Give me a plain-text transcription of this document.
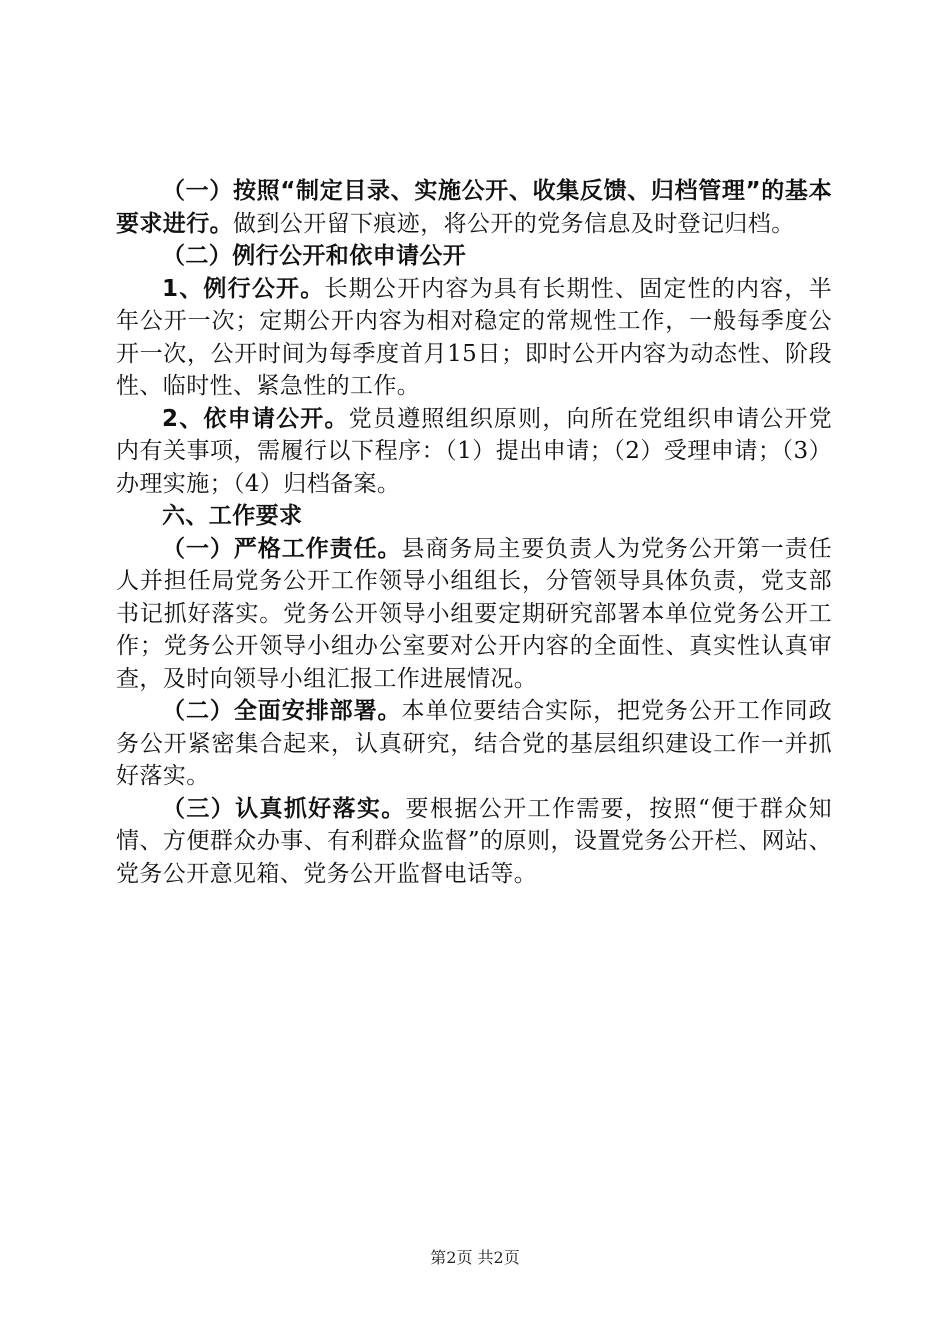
（一）按照“制定目录、实施公开、收集反馈、归档管理”的基本要求进行。做到公开留下痕迹，将公开的党务信息及时登记归档。

（二）例行公开和依申请公开

1、例行公开。长期公开内容为具有长期性、固定性的内容，半年公开一次；定期公开内容为相对稳定的常规性工作，一般每季度公开一次，公开时间为每季度首月15日；即时公开内容为动态性、阶段性、临时性、紧急性的工作。

2、依申请公开。党员遵照组织原则，向所在党组织申请公开党内有关事项，需履行以下程序：（1）提出申请；（2）受理申请；（3）办理实施；（4）归档备案。

六、工作要求

（一）严格工作责任。县商务局主要负责人为党务公开第一责任人并担任局党务公开工作领导小组组长，分管领导具体负责，党支部书记抓好落实。党务公开领导小组要定期研究部署本单位党务公开工作；党务公开领导小组办公室要对公开内容的全面性、真实性认真审查，及时向领导小组汇报工作进展情况。

（二）全面安排部署。本单位要结合实际，把党务公开工作同政务公开紧密集合起来，认真研究，结合党的基层组织建设工作一并抓好落实。

（三）认真抓好落实。要根据公开工作需要，按照“便于群众知情、方便群众办事、有利群众监督”的原则，设置党务公开栏、网站、党务公开意见箱、党务公开监督电话等。

第2页 共2页
